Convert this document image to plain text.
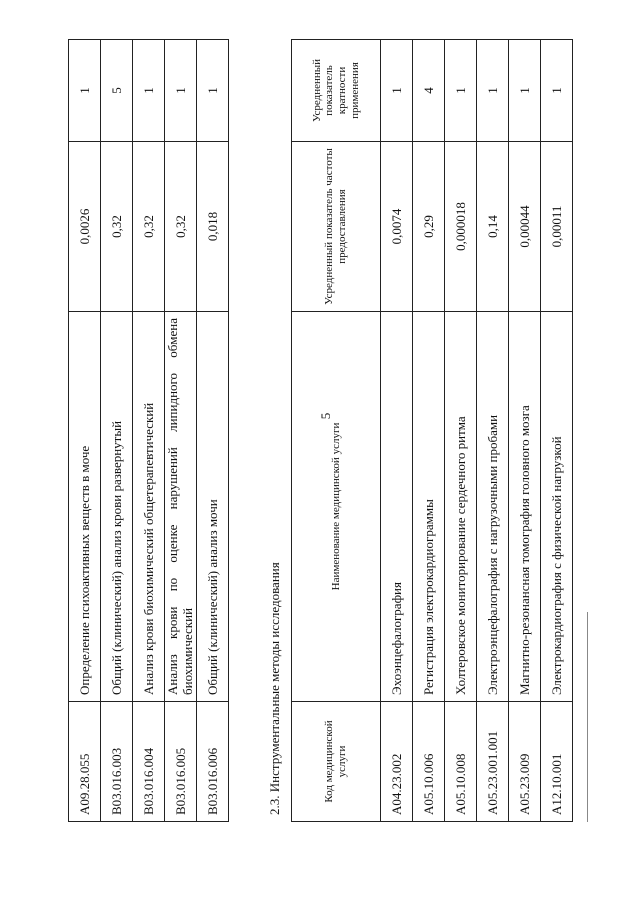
5
A09.28.055	Определение психоактивных веществ в моче	0,0026	1
B03.016.003	Общий (клинический) анализ крови развернутый	0,32	5
B03.016.004	Анализ крови биохимический общетерапевтический	0,32	1
B03.016.005	Анализ крови по оценке нарушений липидного обмена биохимический	0,32	1
B03.016.006	Общий (клинический) анализ мочи	0,018	1
2.3. Инструментальные методы исследования			
Код медицинской услуги	Наименование медицинской услуги	Усредненный показатель частоты предоставления	Усредненный показатель кратности применения
A04.23.002	Эхоэнцефалография	0,0074	1
A05.10.006	Регистрация электрокардиограммы	0,29	4
A05.10.008	Холтеровское мониторирование сердечного ритма	0,000018	1
A05.23.001.001	Электроэнцефалография с нагрузочными пробами	0,14	1
A05.23.009	Магнитно-резонансная томография головного мозга	0,00044	1
A12.10.001	Электрокардиография с физической нагрузкой	0,00011	1
